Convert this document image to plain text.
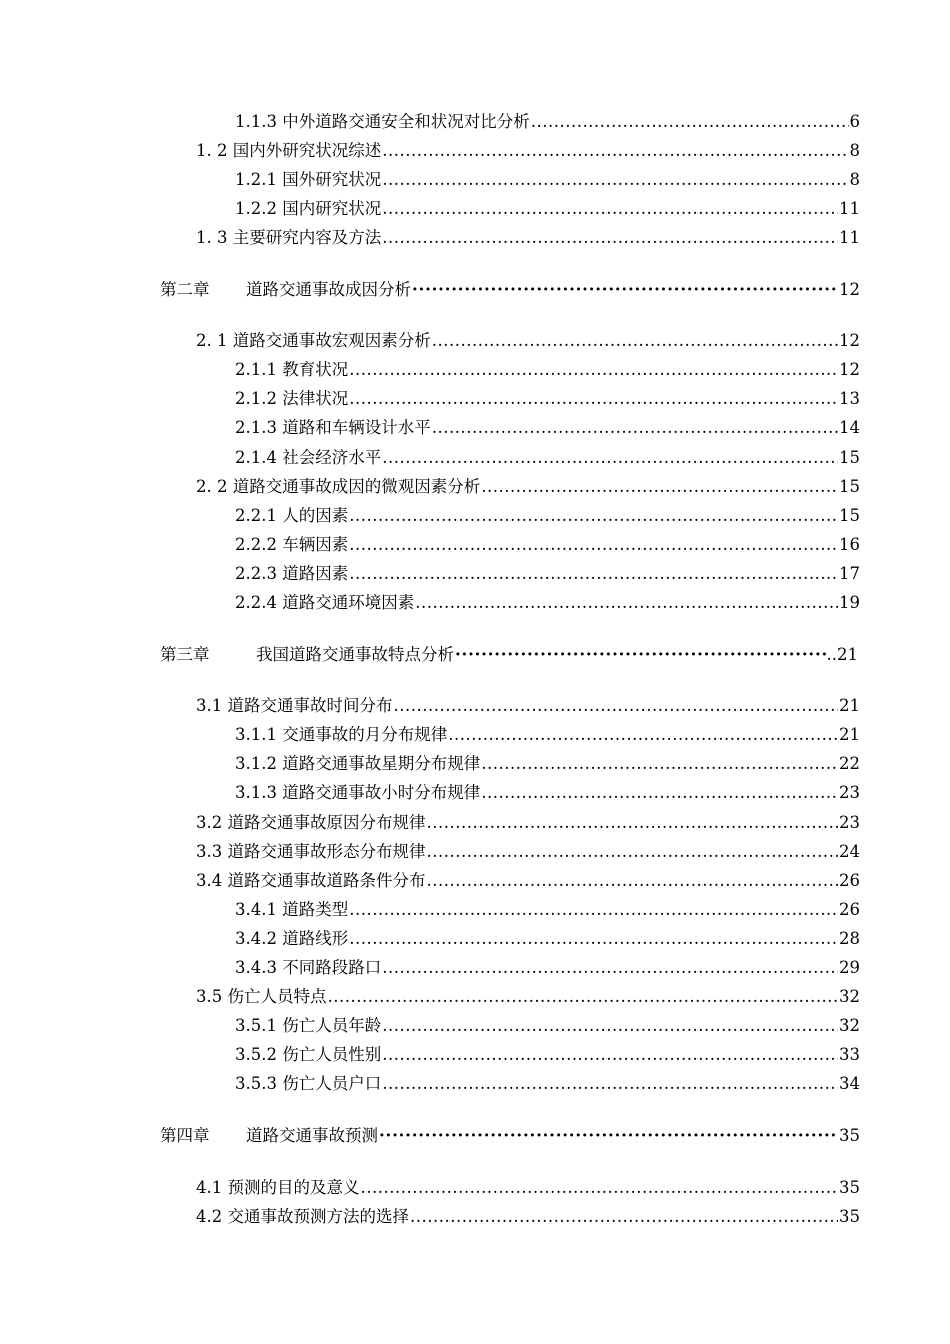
1.1.3 中外道路交通安全和状况对比分析 .....	6
1. 2 国内外研究状况综述 .....	8
1.2.1 国外研究状况 .....	8
1.2.2 国内研究状况 .....	11
1. 3 主要研究内容及方法 .....	11
第二章	道路交通事故成因分析 ·····	12
2. 1 道路交通事故宏观因素分析 .....	12
2.1.1 教育状况 .....	12
2.1.2 法律状况 .....	13
2.1.3 道路和车辆设计水平 .....	14
2.1.4 社会经济水平 .....	15
2. 2 道路交通事故成因的微观因素分析 .....	15
2.2.1 人的因素 .....	15
2.2.2 车辆因素 .....	16
2.2.3 道路因素 .....	17
2.2.4 道路交通环境因素 .....	19
第三章	我国道路交通事故特点分析 ·····	..21
3.1 道路交通事故时间分布 .....	21
3.1.1 交通事故的月分布规律 .....	21
3.1.2 道路交通事故星期分布规律 .....	22
3.1.3 道路交通事故小时分布规律 .....	23
3.2 道路交通事故原因分布规律 .....	23
3.3 道路交通事故形态分布规律 .....	24
3.4 道路交通事故道路条件分布 .....	26
3.4.1 道路类型 .....	26
3.4.2 道路线形 .....	28
3.4.3 不同路段路口 .....	29
3.5 伤亡人员特点 .....	32
3.5.1 伤亡人员年龄 .....	32
3.5.2 伤亡人员性别 .....	33
3.5.3 伤亡人员户口 .....	34
第四章	道路交通事故预测 ·····	35
4.1 预测的目的及意义 .....	35
4.2 交通事故预测方法的选择 .....	35
